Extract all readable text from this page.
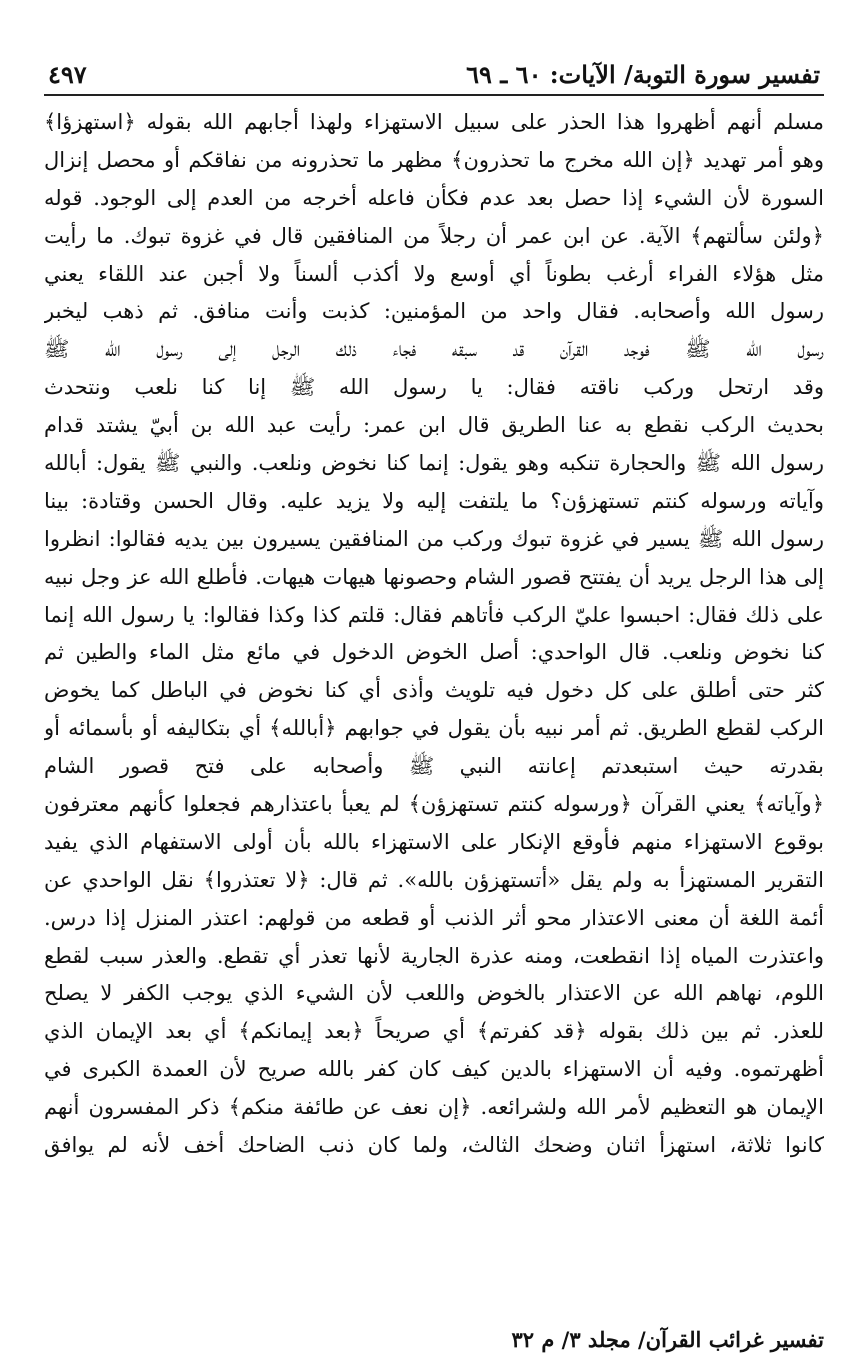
تفسير سورة التوبة/ الآيات: ٦٠ ـ ٦٩
٤٩٧
مسلم أنهم أظهروا هذا الحذر على سبيل الاستهزاء ولهذا أجابهم الله بقوله ﴿استهزؤا﴾
وهو أمر تهديد ﴿إن الله مخرج ما تحذرون﴾ مظهر ما تحذرونه من نفاقكم أو محصل إنزال
السورة لأن الشيء إذا حصل بعد عدم فكأن فاعله أخرجه من العدم إلى الوجود. قوله
﴿ولئن سألتهم﴾ الآية. عن ابن عمر أن رجلاً من المنافقين قال في غزوة تبوك. ما رأيت
مثل هؤلاء الفراء أرغب بطوناً أي أوسع ولا أكذب ألسناً ولا أجبن عند اللقاء يعني
رسول الله وأصحابه. فقال واحد من المؤمنين: كذبت وأنت منافق. ثم ذهب ليخبر
رسول الله ﷺ فوجد القرآن قد سبقه فجاء ذلك الرجل إلى رسول الله ﷺ
وقد ارتحل وركب ناقته فقال: يا رسول الله ﷺ إنا كنا نلعب ونتحدث
بحديث الركب نقطع به عنا الطريق قال ابن عمر: رأيت عبد الله بن أبيّ يشتد قدام
رسول الله ﷺ والحجارة تنكبه وهو يقول: إنما كنا نخوض ونلعب. والنبي ﷺ يقول: أبالله
وآياته ورسوله كنتم تستهزؤن؟ ما يلتفت إليه ولا يزيد عليه. وقال الحسن وقتادة: بينا
رسول الله ﷺ يسير في غزوة تبوك وركب من المنافقين يسيرون بين يديه فقالوا: انظروا
إلى هذا الرجل يريد أن يفتتح قصور الشام وحصونها هيهات هيهات. فأطلع الله عز وجل نبيه
على ذلك فقال: احبسوا عليّ الركب فأتاهم فقال: قلتم كذا وكذا فقالوا: يا رسول الله إنما
كنا نخوض ونلعب. قال الواحدي: أصل الخوض الدخول في مائع مثل الماء والطين ثم
كثر حتى أطلق على كل دخول فيه تلويث وأذى أي كنا نخوض في الباطل كما يخوض
الركب لقطع الطريق. ثم أمر نبيه بأن يقول في جوابهم ﴿أبالله﴾ أي بتكاليفه أو بأسمائه أو
بقدرته حيث استبعدتم إعانته النبي ﷺ وأصحابه على فتح قصور الشام
﴿وآياته﴾ يعني القرآن ﴿ورسوله كنتم تستهزؤن﴾ لم يعبأ باعتذارهم فجعلوا كأنهم معترفون
بوقوع الاستهزاء منهم فأوقع الإنكار على الاستهزاء بالله بأن أولى الاستفهام الذي يفيد
التقرير المستهزأ به ولم يقل «أتستهزؤن بالله». ثم قال: ﴿لا تعتذروا﴾ نقل الواحدي عن
أئمة اللغة أن معنى الاعتذار محو أثر الذنب أو قطعه من قولهم: اعتذر المنزل إذا درس.
واعتذرت المياه إذا انقطعت، ومنه عذرة الجارية لأنها تعذر أي تقطع. والعذر سبب لقطع
اللوم، نهاهم الله عن الاعتذار بالخوض واللعب لأن الشيء الذي يوجب الكفر لا يصلح
للعذر. ثم بين ذلك بقوله ﴿قد كفرتم﴾ أي صريحاً ﴿بعد إيمانكم﴾ أي بعد الإيمان الذي
أظهرتموه. وفيه أن الاستهزاء بالدين كيف كان كفر بالله صريح لأن العمدة الكبرى في
الإيمان هو التعظيم لأمر الله ولشرائعه. ﴿إن نعف عن طائفة منكم﴾ ذكر المفسرون أنهم
كانوا ثلاثة، استهزأ اثنان وضحك الثالث، ولما كان ذنب الضاحك أخف لأنه لم يوافق
تفسير غرائب القرآن/ مجلد ٣/ م ٣٢
